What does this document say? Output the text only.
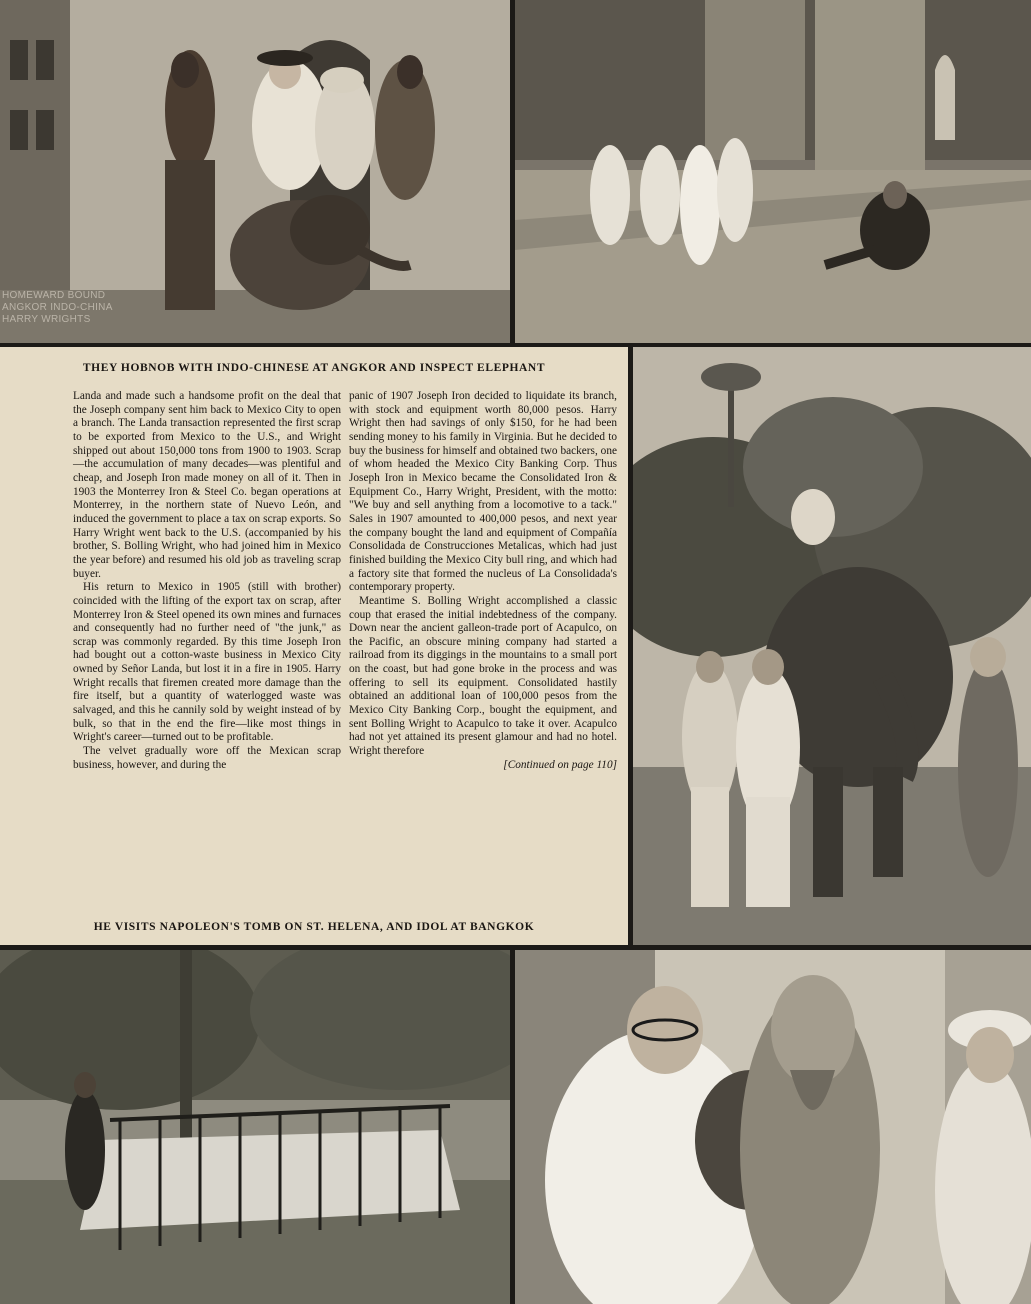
HOMEWARD BOUND
ANGKOR INDO-CHINA
HARRY WRIGHTS
THEY HOBNOB WITH INDO-CHINESE AT ANGKOR AND INSPECT ELEPHANT

Landa and made such a handsome profit on the deal that the Joseph company sent him back to Mexico City to open a branch. The Landa transaction represented the first scrap to be exported from Mexico to the U.S., and Wright shipped out about 150,000 tons from 1900 to 1903. Scrap—the accumulation of many decades—was plentiful and cheap, and Joseph Iron made money on all of it. Then in 1903 the Monterrey Iron & Steel Co. began operations at Monterrey, in the northern state of Nuevo León, and induced the government to place a tax on scrap exports. So Harry Wright went back to the U.S. (accompanied by his brother, S. Bolling Wright, who had joined him in Mexico the year before) and resumed his old job as traveling scrap buyer.

His return to Mexico in 1905 (still with brother) coincided with the lifting of the export tax on scrap, after Monterrey Iron & Steel opened its own mines and furnaces and consequently had no further need of "the junk," as scrap was commonly regarded. By this time Joseph Iron had bought out a cotton-waste business in Mexico City owned by Señor Landa, but lost it in a fire in 1905. Harry Wright recalls that firemen created more damage than the fire itself, but a quantity of waterlogged waste was salvaged, and this he cannily sold by weight instead of by bulk, so that in the end the fire—like most things in Wright's career—turned out to be profitable.

The velvet gradually wore off the Mexican scrap business, however, and during the

panic of 1907 Joseph Iron decided to liquidate its branch, with stock and equipment worth 80,000 pesos. Harry Wright then had savings of only $150, for he had been sending money to his family in Virginia. But he decided to buy the business for himself and obtained two backers, one of whom headed the Mexico City Banking Corp. Thus Joseph Iron in Mexico became the Consolidated Iron & Equipment Co., Harry Wright, President, with the motto: "We buy and sell anything from a locomotive to a tack." Sales in 1907 amounted to 400,000 pesos, and next year the company bought the land and equipment of Compañía Consolidada de Construcciones Metalicas, which had just finished building the Mexico City bull ring, and which had a factory site that formed the nucleus of La Consolidada's contemporary property.

Meantime S. Bolling Wright accomplished a classic coup that erased the initial indebtedness of the company. Down near the ancient galleon-trade port of Acapulco, on the Pacific, an obscure mining company had started a railroad from its diggings in the mountains to a small port on the coast, but had gone broke in the process and was offering to sell its equipment. Consolidated hastily obtained an additional loan of 100,000 pesos from the Mexico City Banking Corp., bought the equipment, and sent Bolling Wright to Acapulco to take it over. Acapulco had not yet attained its present glamour and had no hotel. Wright therefore

[Continued on page 110]
HE VISITS NAPOLEON'S TOMB ON ST. HELENA, AND IDOL AT BANGKOK
